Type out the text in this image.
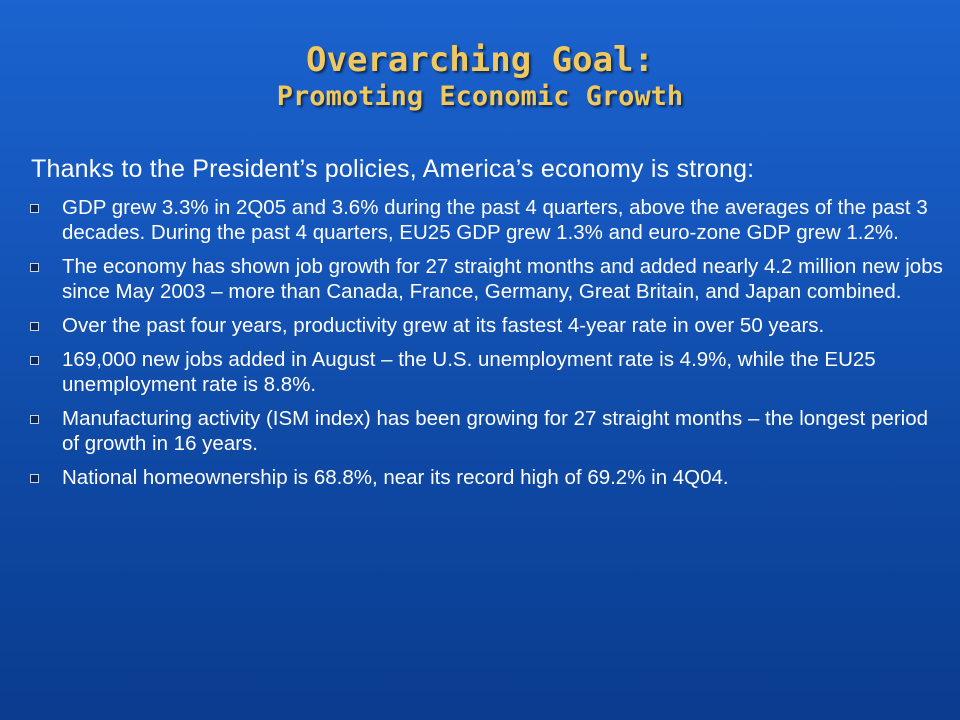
Overarching Goal:
Promoting Economic Growth
Thanks to the President’s policies, America’s economy is strong:
GDP grew 3.3% in 2Q05 and 3.6% during the past 4 quarters, above the averages of the past 3 decades. During the past 4 quarters, EU25 GDP grew 1.3% and euro-zone GDP grew 1.2%.
The economy has shown job growth for 27 straight months and added nearly 4.2 million new jobs since May 2003 – more than Canada, France, Germany, Great Britain, and Japan combined.
Over the past four years, productivity grew at its fastest 4-year rate in over 50 years.
169,000 new jobs added in August – the U.S. unemployment rate is 4.9%, while the EU25 unemployment rate is 8.8%.
Manufacturing activity (ISM index) has been growing for 27 straight months – the longest period of growth in 16 years.
National homeownership is 68.8%, near its record high of 69.2% in 4Q04.
